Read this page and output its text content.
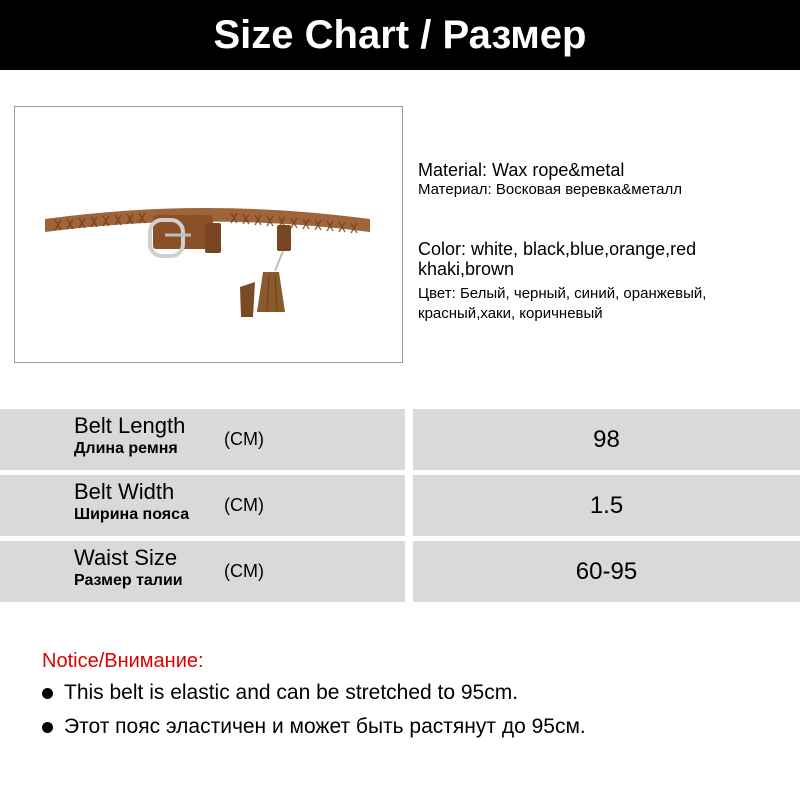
Size Chart / Размер
Material: Wax rope&metal
Материал: Восковая веревка&металл
Color: white, black,blue,orange,red
khaki,brown
Цвет: Белый, черный, синий, оранжевый,
красный,хаки, коричневый
Belt Length
Длина ремня	(CM)	98
Belt Width
Ширина пояса (CM)	1.5
Waist Size
Размер талии (CM)	60-95
Notice/Внимание:
This belt is elastic and can be stretched to 95cm.
Этот пояс эластичен и может быть растянут до 95см.
